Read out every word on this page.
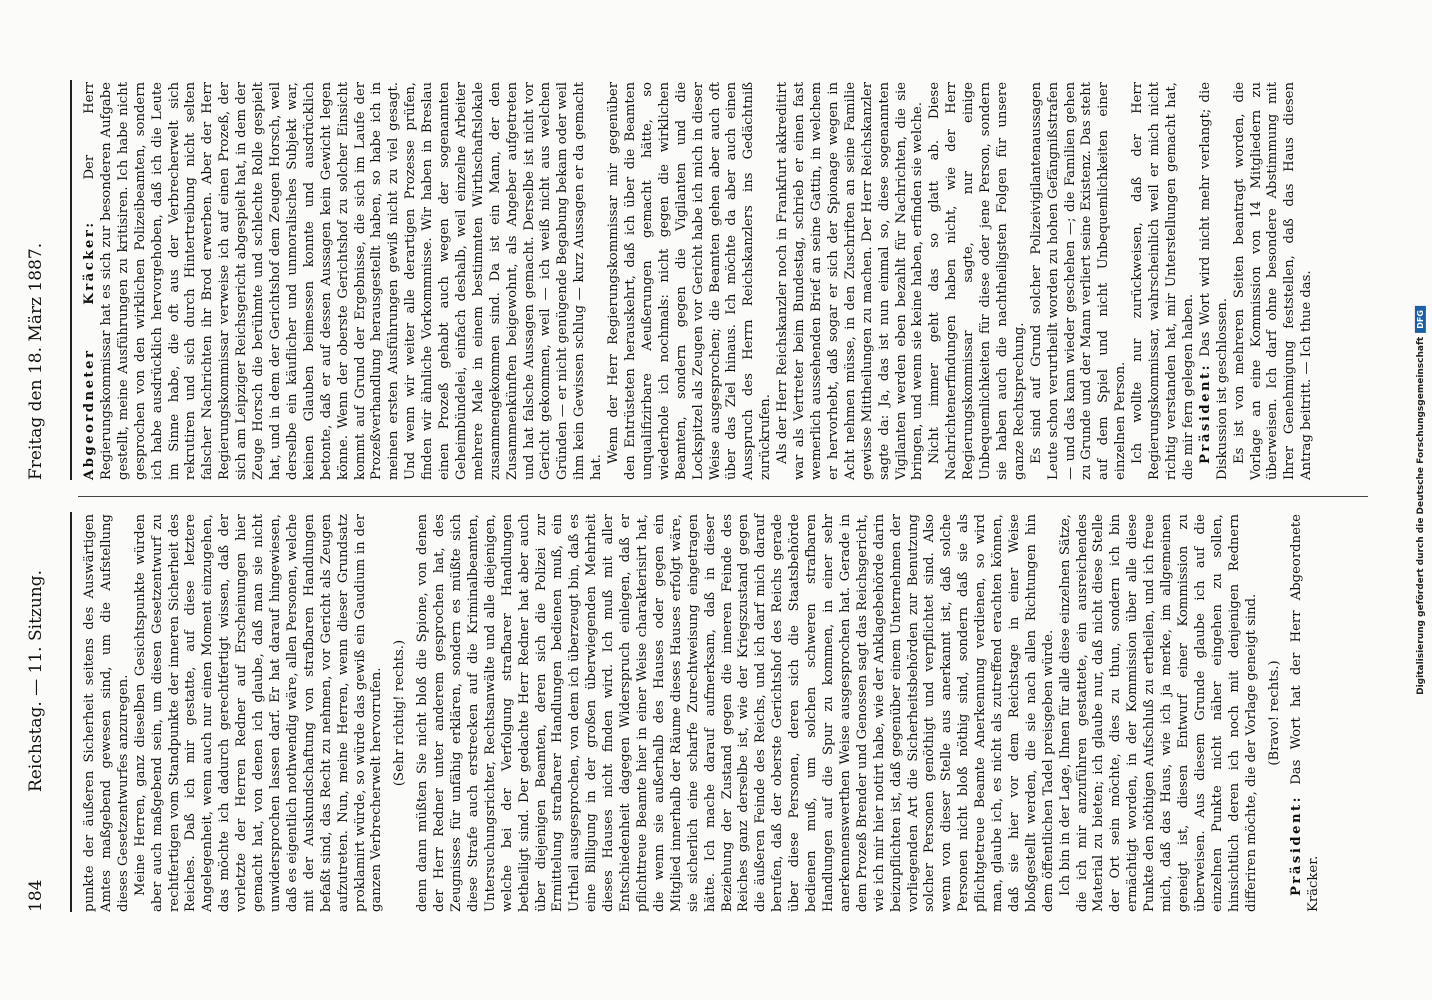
184
Reichstag. — 11. Sitzung.
Freitag den 18. März 1887.

punkte der äußeren Sicherheit seitens des Auswärtigen Amtes maßgebend gewesen sind, um die Aufstellung dieses Gesetzentwurfes anzuregen. Meine Herren, ganz dieselben Gesichtspunkte würden aber auch maßgebend sein, um diesen Gesetzentwurf zu rechtfertigen vom Standpunkte der inneren Sicherheit des Reiches. Daß ich mir gestatte, auf diese letztere Angelegenheit, wenn auch nur einen Moment einzugehen, das möchte ich dadurch gerechtfertigt wissen, daß der vorletzte der Herren Redner auf Erscheinungen hier gemacht hat, von denen ich glaube, daß man sie nicht unwidersprochen lassen darf. Er hat darauf hingewiesen, daß es eigentlich nothwendig wäre, allen Personen, welche mit der Auskundschaftung von strafbaren Handlungen befaßt sind, das Recht zu nehmen, vor Gericht als Zeugen aufzutreten. Nun, meine Herren, wenn dieser Grundsatz proklamirt würde, so würde das gewiß ein Gaudium in der ganzen Verbrecherwelt hervorrufen. (Sehr richtig! rechts.) denn dann müßten Sie nicht bloß die Spione, von denen der Herr Redner unter anderem gesprochen hat, des Zeugnisses für unfähig erklären, sondern es müßte sich diese Strafe auch erstrecken auf die Kriminalbeamten, Untersuchungsrichter, Rechtsanwälte und alle diejenigen, welche bei der Verfolgung strafbarer Handlungen betheiligt sind. Der gedachte Herr Redner hat aber auch über diejenigen Beamten, deren sich die Polizei zur Ermittelung strafbarer Handlungen bedienen muß, ein Urtheil ausgesprochen, von dem ich überzeugt bin, daß es eine Billigung in der großen überwiegenden Mehrheit dieses Hauses nicht finden wird. Ich muß mit aller Entschiedenheit dagegen Widerspruch einlegen, daß er pflichttreue Beamte hier in einer Weise charakterisirt hat, die wenn sie außerhalb des Hauses oder gegen ein Mitglied innerhalb der Räume dieses Hauses erfolgt wäre, sie sicherlich eine scharfe Zurechtweisung eingetragen hätte. Ich mache darauf aufmerksam, daß in dieser Beziehung der Zustand gegen die inneren Feinde des Reiches ganz derselbe ist, wie der Kriegszustand gegen die äußeren Feinde des Reichs, und ich darf mich darauf berufen, daß der oberste Gerichtshof des Reichs gerade über diese Personen, deren sich die Staatsbehörde bedienen muß, um solchen schweren strafbaren Handlungen auf die Spur zu kommen, in einer sehr anerkennenswerthen Weise ausgesprochen hat. Gerade in dem Prozeß Brender und Genossen sagt das Reichsgericht, wie ich mir hier notirt habe, wie der Anklagebehörde darin beizupflichten ist, daß gegenüber einem Unternehmen der vorliegenden Art die Sicherheitsbehörden zur Benutzung solcher Personen genöthigt und verpflichtet sind. Also wenn von dieser Stelle aus anerkannt ist, daß solche Personen nicht bloß nöthig sind, sondern daß sie als pflichtgetreue Beamte Anerkennung verdienen, so wird man, glaube ich, es nicht als zutreffend erachten können, daß sie hier vor dem Reichstage in einer Weise bloßgestellt werden, die sie nach allen Richtungen hin dem öffentlichen Tadel preisgeben würde. Ich bin in der Lage, Ihnen für alle diese einzelnen Sätze, die ich mir anzuführen gestattete, ein ausreichendes Material zu bieten; ich glaube nur, daß nicht diese Stelle der Ort sein möchte, dies zu thun, sondern ich bin ermächtigt worden, in der Kommission über alle diese Punkte den nöthigen Aufschluß zu ertheilen, und ich freue mich, daß das Haus, wie ich ja merke, im allgemeinen geneigt ist, diesen Entwurf einer Kommission zu überweisen. Aus diesem Grunde glaube ich auf die einzelnen Punkte nicht näher eingehen zu sollen, hinsichtlich deren ich noch mit denjenigen Rednern differiren möchte, die der Vorlage geneigt sind. (Bravo! rechts.)

Präsident: Das Wort hat der Herr Abgeordnete Kräcker.

Abgeordneter Kräcker: Der Herr Regierungskommissar hat es sich zur besonderen Aufgabe gestellt, meine Ausführungen zu kritisiren. Ich habe nicht gesprochen von den wirklichen Polizeibeamten, sondern ich habe ausdrücklich hervorgehoben, daß ich die Leute im Sinne habe, die oft aus der Verbrecherwelt sich rekrutiren und sich durch Hintertreibung nicht selten falscher Nachrichten ihr Brod erwerben. Aber der Herr Regierungskommissar verweise ich auf einen Prozeß, der sich am Leipziger Reichsgericht abgespielt hat, in dem der Zeuge Horsch die berühmte und schlechte Rolle gespielt hat, und in dem der Gerichtshof dem Zeugen Horsch, weil derselbe ein käuflicher und unmoralisches Subjekt war, keinen Glauben beimessen konnte und ausdrücklich betonte, daß er auf dessen Aussagen kein Gewicht legen könne. Wenn der oberste Gerichtshof zu solcher Einsicht kommt auf Grund der Ergebnisse, die sich im Laufe der Prozeßverhandlung herausgestellt haben, so habe ich in meinen ersten Ausführungen gewiß nicht zu viel gesagt. Und wenn wir weiter alle derartigen Prozesse prüfen, finden wir ähnliche Vorkommnisse. Wir haben in Breslau einen Prozeß gehabt auch wegen der sogenannten Geheimbündelei, einfach deshalb, weil einzelne Arbeiter mehrere Male in einem bestimmten Wirthschaftslokale zusammengekommen sind. Da ist ein Mann, der den Zusammenkünften beigewohnt, als Angeber aufgetreten und hat falsche Aussagen gemacht. Derselbe ist nicht vor Gericht gekommen, weil — ich weiß nicht aus welchen Gründen — er nicht genügende Begabung bekam oder weil ihm kein Gewissen schlug — kurz Aussagen er da gemacht hat.

Wenn der Herr Regierungskommissar mir gegenüber den Entrüsteten herauskehrt, daß ich über die Beamten unqualifizirbare Aeußerungen gemacht hätte, so wiederhole ich nochmals: nicht gegen die wirklichen Beamten, sondern gegen die Vigilanten und die Lockspitzel als Zeugen vor Gericht habe ich mich in dieser Weise ausgesprochen; die Beamten gehen aber auch oft über das Ziel hinaus. Ich möchte da aber auch einen Ausspruch des Herrn Reichskanzlers ins Gedächtniß zurückrufen. Als der Herr Reichskanzler noch in Frankfurt akkreditirt war als Vertreter beim Bundestag, schrieb er einen fast wemerlich aussehenden Brief an seine Gattin, in welchem er hervorhebt, daß sogar er sich der Spionage wegen in Acht nehmen müsse, in den Zuschriften an seine Familie gewisse Mittheilungen zu machen. Der Herr Reichskanzler sagte da: Ja, das ist nun einmal so, diese sogenannten Vigilanten werden eben bezahlt für Nachrichten, die sie bringen, und wenn sie keine haben, erfinden sie welche. Nicht immer geht das so glatt ab. Diese Nachrichtenerfindungen haben nicht, wie der Herr Regierungskommissar sagte, nur einige Unbequemlichkeiten für diese oder jene Person, sondern sie haben auch die nachtheiligsten Folgen für unsere ganze Rechtsprechung. Es sind auf Grund solcher Polizeivigilantenaussagen Leute schon verurtheilt worden zu hohen Gefängnißstrafen — und das kann wieder geschehen —; die Familien gehen zu Grunde und der Mann verliert seine Existenz. Das steht auf dem Spiel und nicht Unbequemlichkeiten einer einzelnen Person. Ich wollte nur zurückweisen, daß der Herr Regierungskommissar, wahrscheinlich weil er mich nicht richtig verstanden hat, mir Unterstellungen gemacht hat, die mir fern gelegen haben. Präsident: Das Wort wird nicht mehr verlangt; die Diskussion ist geschlossen. Es ist von mehreren Seiten beantragt worden, die Vorlage an eine Kommission von 14 Mitgliedern zu überweisen. Ich darf ohne besondere Abstimmung mit Ihrer Genehmigung feststellen, daß das Haus diesen Antrag beitritt. — Ich thue das.	Digitalisierung gefördert durch die Deutsche Forschungsgemeinschaft
DFG
